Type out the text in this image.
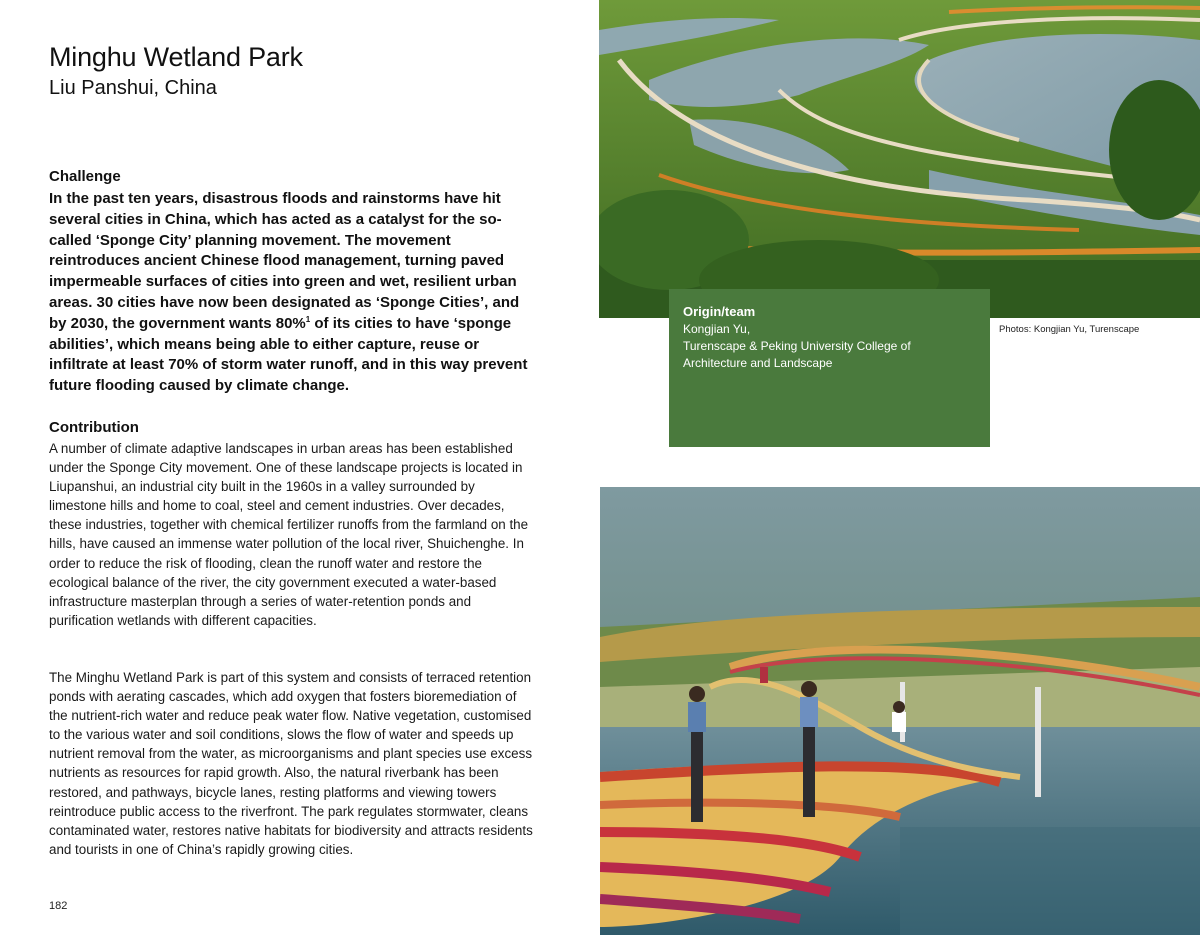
Minghu Wetland Park
Liu Panshui, China
Challenge

In the past ten years, disastrous floods and rainstorms have hit several cities in China, which has acted as a catalyst for the so-called ‘Sponge City’ planning movement. The movement reintroduces ancient Chinese flood management, turning paved impermeable surfaces of cities into green and wet, resilient urban areas. 30 cities have now been designated as ‘Sponge Cities’, and by 2030, the government wants 80%$^1$ of its cities to have ‘sponge abilities’, which means being able to either capture, reuse or infiltrate at least 70% of storm water runoff, and in this way prevent future flooding caused by climate change.

Contribution

A number of climate adaptive landscapes in urban areas has been established under the Sponge City movement. One of these landscape projects is located in Liupanshui, an industrial city built in the 1960s in a valley surrounded by limestone hills and home to coal, steel and cement industries. Over decades, these industries, together with chemical fertilizer runoffs from the farmland on the hills, have caused an immense water pollution of the local river, Shuichenghe. In order to reduce the risk of flooding, clean the runoff water and restore the ecological balance of the river, the city government executed a water-based infrastructure masterplan through a series of water-retention ponds and purification wetlands with different capacities.

The Minghu Wetland Park is part of this system and consists of terraced retention ponds with aerating cascades, which add oxygen that fosters bioremediation of the nutrient-rich water and reduce peak water flow. Native vegetation, customised to the various water and soil conditions, slows the flow of water and speeds up nutrient removal from the water, as microorganisms and plant species use excess nutrients as resources for rapid growth. Also, the natural riverbank has been restored, and pathways, bicycle lanes, resting platforms and viewing towers reintroduce public access to the riverfront. The park regulates stormwater, cleans contaminated water, restores native habitats for biodiversity and attracts residents and tourists in one of China’s rapidly growing cities.

182

Origin/team

Kongjian Yu,

Turenscape & Peking University College of

Architecture and Landscape

Photos: Kongjian Yu, Turenscape
